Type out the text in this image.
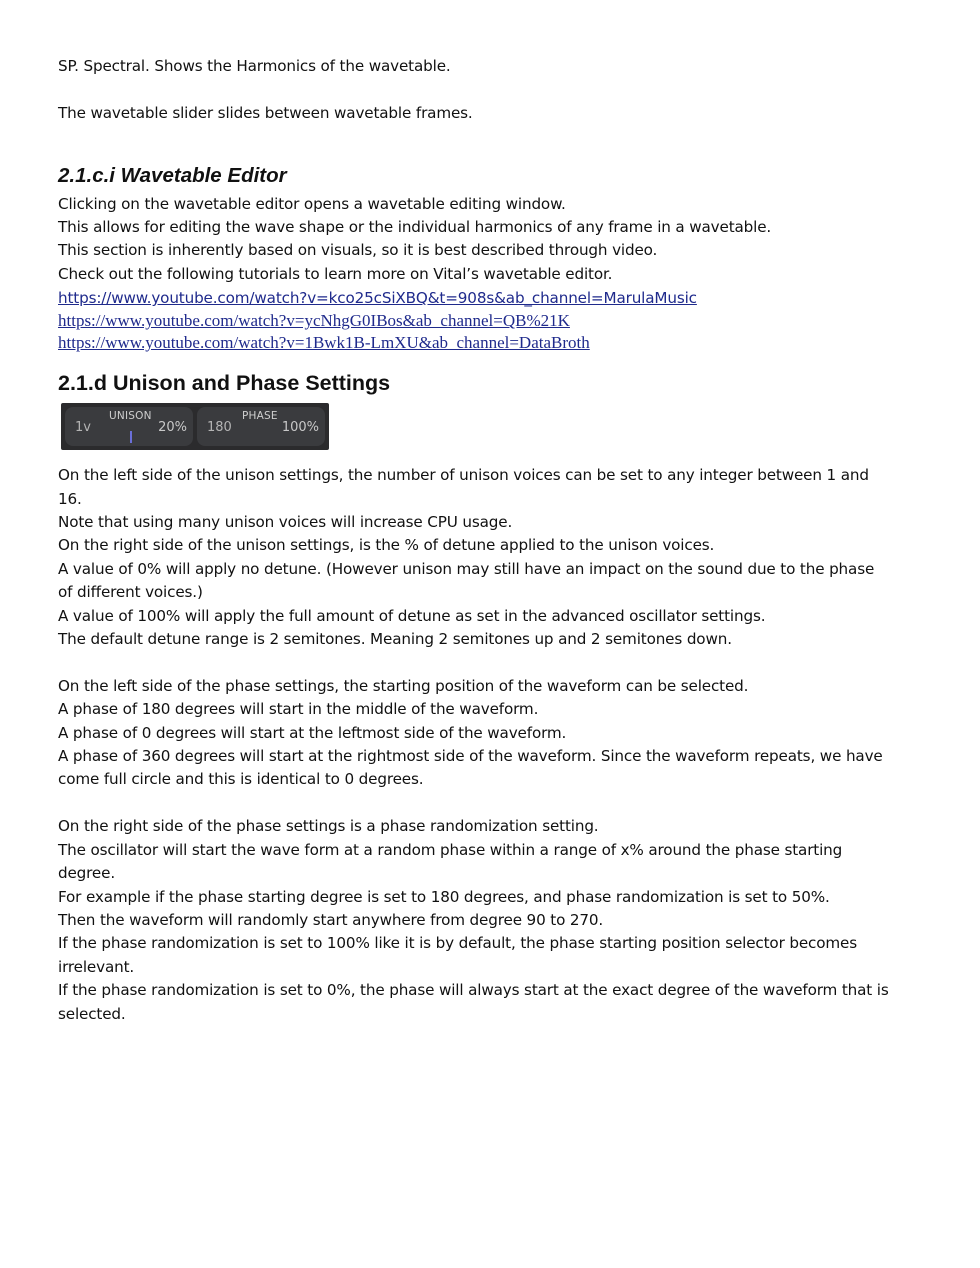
SP. Spectral. Shows the Harmonics of the wavetable.

The wavetable slider slides between wavetable frames.

2.1.c.i Wavetable Editor

Clicking on the wavetable editor opens a wavetable editing window.

This allows for editing the wave shape or the individual harmonics of any frame in a wavetable.

This section is inherently based on visuals, so it is best described through video.

Check out the following tutorials to learn more on Vital’s wavetable editor.

https://www.youtube.com/watch?v=kco25cSiXBQ&t=908s&ab_channel=MarulaMusic
https://www.youtube.com/watch?v=ycNhgG0IBos&ab_channel=QB%21K
https://www.youtube.com/watch?v=1Bwk1B-LmXU&ab_channel=DataBroth
2.1.d Unison and Phase Settings
1v
UNISON
20% 180
PHASE
100%

On the left side of the unison settings, the number of unison voices can be set to any integer between 1 and

16.

Note that using many unison voices will increase CPU usage.

On the right side of the unison settings, is the % of detune applied to the unison voices.

A value of 0% will apply no detune. (However unison may still have an impact on the sound due to the phase

of different voices.)

A value of 100% will apply the full amount of detune as set in the advanced oscillator settings.

The default detune range is 2 semitones. Meaning 2 semitones up and 2 semitones down.

On the left side of the phase settings, the starting position of the waveform can be selected.

A phase of 180 degrees will start in the middle of the waveform.

A phase of 0 degrees will start at the leftmost side of the waveform.

A phase of 360 degrees will start at the rightmost side of the waveform. Since the waveform repeats, we have

come full circle and this is identical to 0 degrees.

On the right side of the phase settings is a phase randomization setting.

The oscillator will start the wave form at a random phase within a range of x% around the phase starting

degree.

For example if the phase starting degree is set to 180 degrees, and phase randomization is set to 50%.

Then the waveform will randomly start anywhere from degree 90 to 270.

If the phase randomization is set to 100% like it is by default, the phase starting position selector becomes

irrelevant.

If the phase randomization is set to 0%, the phase will always start at the exact degree of the waveform that is

selected.
